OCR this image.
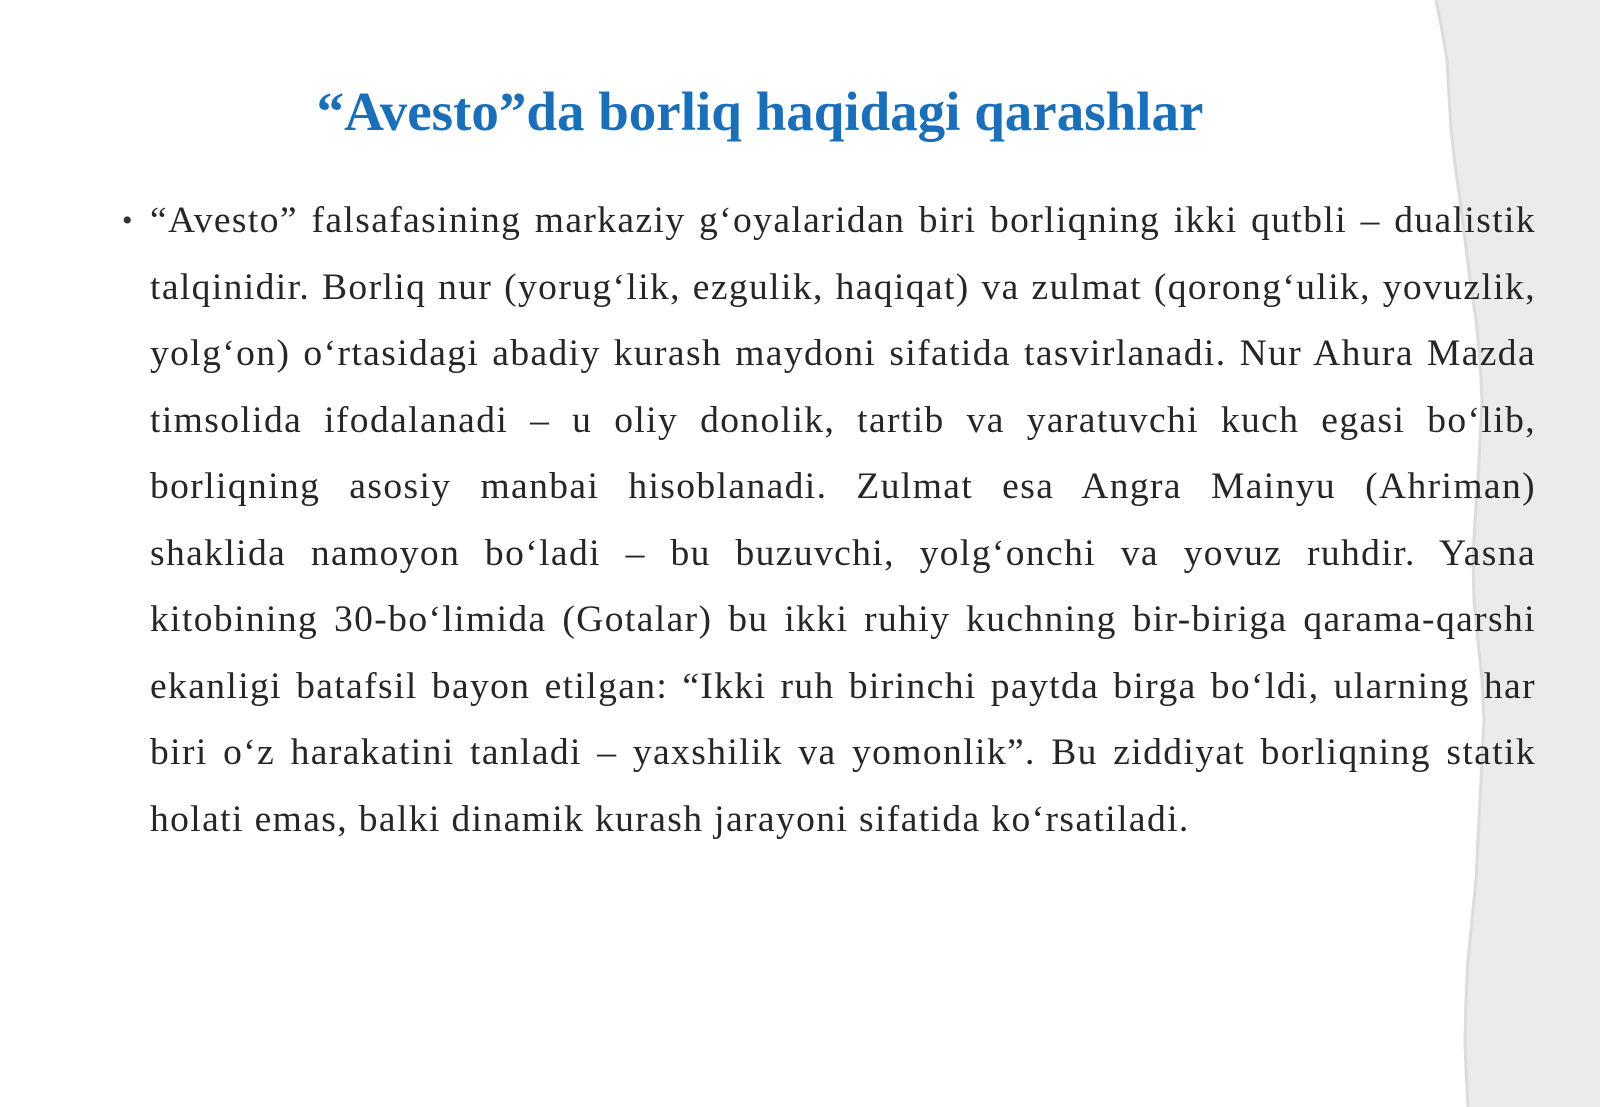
“Avesto”da borliq haqidagi qarashlar
• “Avesto” falsafasining markaziy g‘oyalaridan biri borliqning ikki qutbli – dualistik talqinidir. Borliq nur (yorug‘lik, ezgulik, haqiqat) va zulmat (qorong‘ulik, yovuzlik, yolg‘on) o‘rtasidagi abadiy kurash maydoni sifatida tasvirlanadi. Nur Ahura Mazda timsolida ifodalanadi – u oliy donolik, tartib va yaratuvchi kuch egasi bo‘lib, borliqning asosiy manbai hisoblanadi. Zulmat esa Angra Mainyu (Ahriman) shaklida namoyon bo‘ladi – bu buzuvchi, yolg‘onchi va yovuz ruhdir. Yasna kitobining 30-bo‘limida (Gotalar) bu ikki ruhiy kuchning bir-biriga qarama-qarshi ekanligi batafsil bayon etilgan: “Ikki ruh birinchi paytda birga bo‘ldi, ularning har biri o‘z harakatini tanladi – yaxshilik va yomonlik”. Bu ziddiyat borliqning statik holati emas, balki dinamik kurash jarayoni sifatida ko‘rsatiladi.
